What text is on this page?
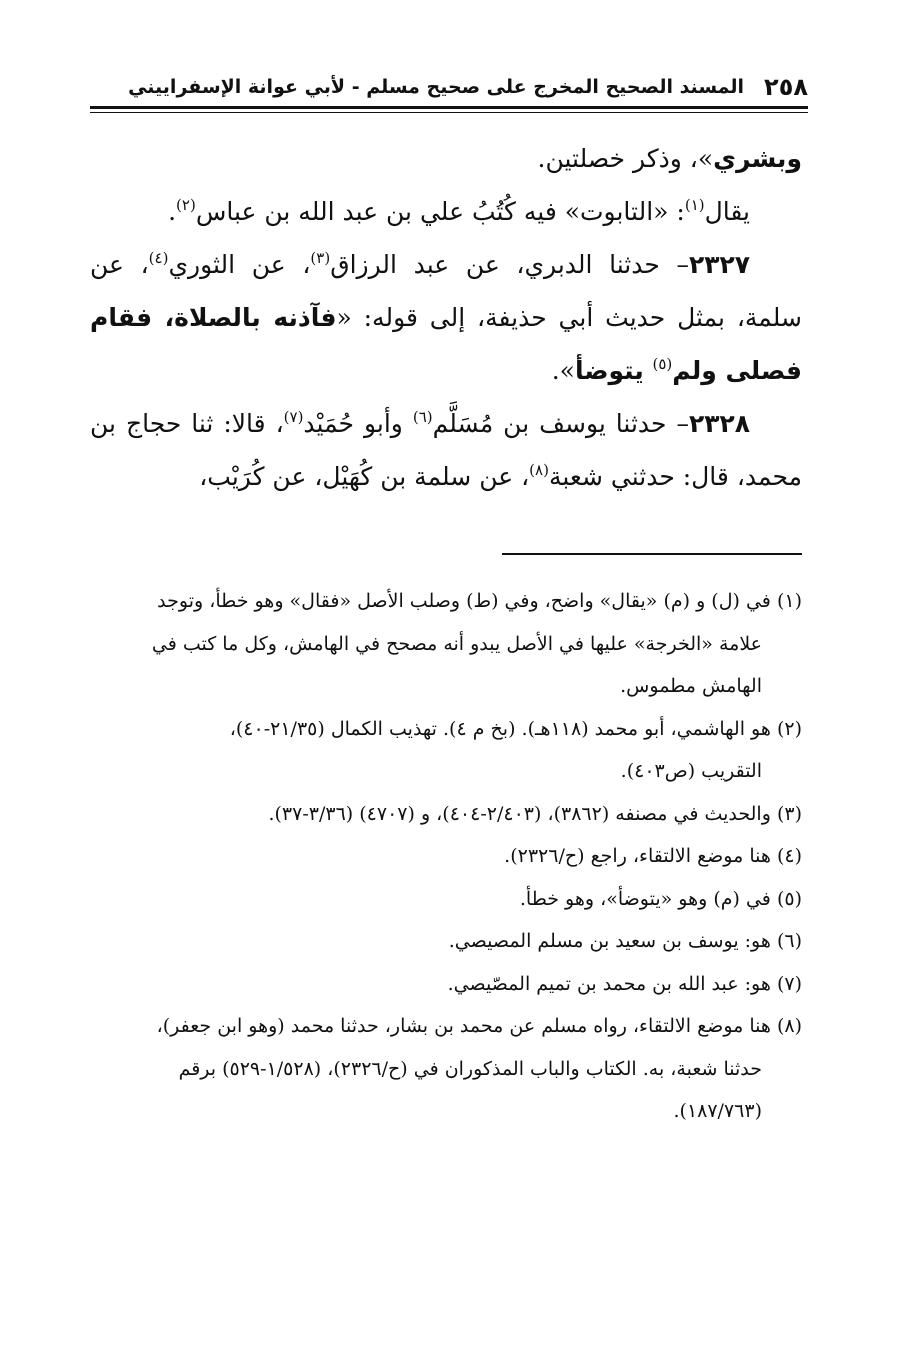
٢٥٨
المسند الصحيح المخرج على صحيح مسلم - لأبي عوانة الإسفراييني

وبشري»، وذكر خصلتين.

يقال$^{(١)}$: «التابوت» فيه كُتُبُ علي بن عبد الله بن عباس$^{(٢)}$.

٢٣٢٧– حدثنا الدبري، عن عبد الرزاق$^{(٣)}$، عن الثوري$^{(٤)}$، عن سلمة، بمثل حديث أبي حذيفة، إلى قوله: «فآذنه بالصلاة، فقام فصلى ولم$^{(٥)}$ يتوضأ».

٢٣٢٨– حدثنا يوسف بن مُسَلَّم$^{(٦)}$ وأبو حُمَيْد$^{(٧)}$، قالا: ثنا حجاج بن محمد، قال: حدثني شعبة$^{(٨)}$، عن سلمة بن كُهَيْل، عن كُرَيْب،

(١) في (ل) و (م) «يقال» واضح، وفي (ط) وصلب الأصل «فقال» وهو خطأ، وتوجد

علامة «الخرجة» عليها في الأصل يبدو أنه مصحح في الهامش، وكل ما كتب في

الهامش مطموس.

(٢) هو الهاشمي، أبو محمد (١١٨هـ). (بخ م ٤). تهذيب الكمال (٢١/٣٥-٤٠)،

التقريب (ص٤٠٣).

(٣) والحديث في مصنفه (٣٨٦٢)، (٢/٤٠٣-٤٠٤)، و (٤٧٠٧) (٣/٣٦-٣٧).

(٤) هنا موضع الالتقاء، راجع (ح/٢٣٢٦).

(٥) في (م) وهو «يتوضأ»، وهو خطأ.

(٦) هو: يوسف بن سعيد بن مسلم المصيصي.

(٧) هو: عبد الله بن محمد بن تميم المصّيصي.

(٨) هنا موضع الالتقاء، رواه مسلم عن محمد بن بشار، حدثنا محمد (وهو ابن جعفر)،

حدثنا شعبة، به. الكتاب والباب المذكوران في (ح/٢٣٢٦)، (١/٥٢٨-٥٢٩) برقم

(١٨٧/٧٦٣).
